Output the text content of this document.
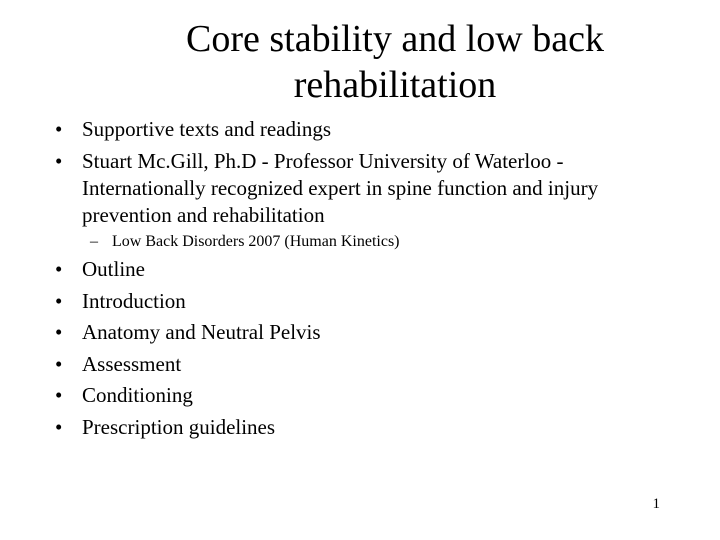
Core stability and low back
rehabilitation
• Supportive texts and readings
• Stuart Mc.Gill, Ph.D - Professor University of Waterloo - Internationally recognized expert in spine function and injury prevention and rehabilitation
– Low Back Disorders 2007 (Human Kinetics)
• Outline
• Introduction
• Anatomy and Neutral Pelvis
• Assessment
• Conditioning
• Prescription guidelines
1
